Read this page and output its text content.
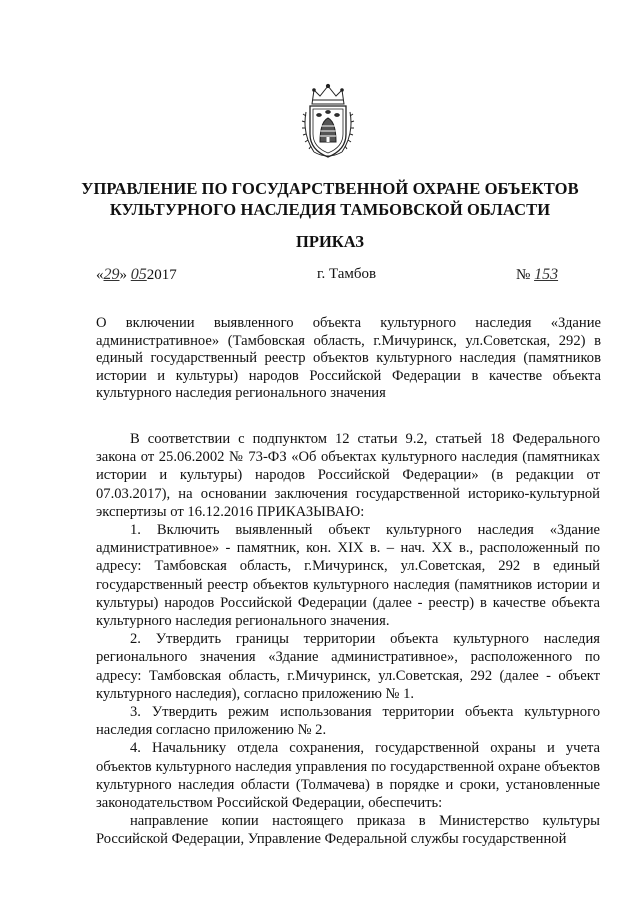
УПРАВЛЕНИЕ ПО ГОСУДАРСТВЕННОЙ ОХРАНЕ ОБЪЕКТОВ КУЛЬТУРНОГО НАСЛЕДИЯ ТАМБОВСКОЙ ОБЛАСТИ
ПРИКАЗ
«29» 052017	г. Тамбов	№ 153
О включении выявленного объекта культурного наследия «Здание административное» (Тамбовская область, г.Мичуринск, ул.Советская, 292) в единый государственный реестр объектов культурного наследия (памятников истории и культуры) народов Российской Федерации в качестве объекта культурного наследия регионального значения

В соответствии с подпунктом 12 статьи 9.2, статьей 18 Федерального закона от 25.06.2002 № 73-ФЗ «Об объектах культурного наследия (памятниках истории и культуры) народов Российской Федерации» (в редакции от 07.03.2017), на основании заключения государственной историко-культурной экспертизы от 16.12.2016 ПРИКАЗЫВАЮ:

1. Включить выявленный объект культурного наследия «Здание административное» - памятник, кон. XIX в. – нач. XX в., расположенный по адресу: Тамбовская область, г.Мичуринск, ул.Советская, 292 в единый государственный реестр объектов культурного наследия (памятников истории и культуры) народов Российской Федерации (далее - реестр) в качестве объекта культурного наследия регионального значения.

2. Утвердить границы территории объекта культурного наследия регионального значения «Здание административное», расположенного по адресу: Тамбовская область, г.Мичуринск, ул.Советская, 292 (далее - объект культурного наследия), согласно приложению № 1.

3. Утвердить режим использования территории объекта культурного наследия согласно приложению № 2.

4. Начальнику отдела сохранения, государственной охраны и учета объектов культурного наследия управления по государственной охране объектов культурного наследия области (Толмачева) в порядке и сроки, установленные законодательством Российской Федерации, обеспечить:

направление копии настоящего приказа в Министерство культуры Российской Федерации, Управление Федеральной службы государственной
